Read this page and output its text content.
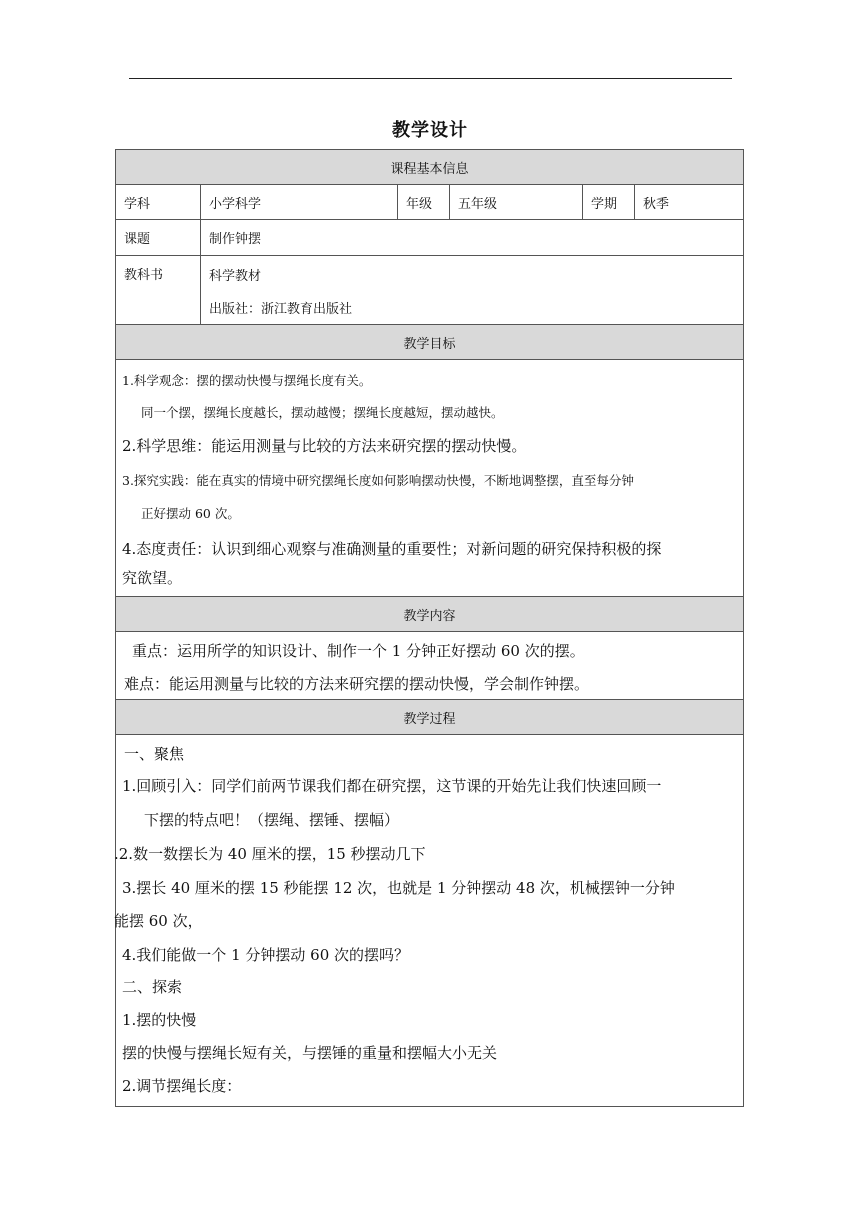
教学设计
课程基本信息
学科	小学科学	年级	五年级	学期	秋季
课题	制作钟摆
教科书	科学教材
出版社：浙江教育出版社
教学目标
1.科学观念：摆的摆动快慢与摆绳长度有关。
同一个摆，摆绳长度越长，摆动越慢；摆绳长度越短，摆动越快。
2.科学思维：能运用测量与比较的方法来研究摆的摆动快慢。
3.探究实践：能在真实的情境中研究摆绳长度如何影响摆动快慢，不断地调整摆，直至每分钟
正好摆动 60 次。
4.态度责任：认识到细心观察与准确测量的重要性；对新问题的研究保持积极的探
究欲望。
教学内容
重点：运用所学的知识设计、制作一个 1 分钟正好摆动 60 次的摆。
难点：能运用测量与比较的方法来研究摆的摆动快慢，学会制作钟摆。
教学过程
一、聚焦
1.回顾引入：同学们前两节课我们都在研究摆，这节课的开始先让我们快速回顾一
下摆的特点吧！（摆绳、摆锤、摆幅）
.2.数一数摆长为 40 厘米的摆，15 秒摆动几下
3.摆长 40 厘米的摆 15 秒能摆 12 次，也就是 1 分钟摆动 48 次，机械摆钟一分钟
能摆 60 次，
4.我们能做一个 1 分钟摆动 60 次的摆吗？
二、探索
1.摆的快慢
摆的快慢与摆绳长短有关，与摆锤的重量和摆幅大小无关
2.调节摆绳长度：
